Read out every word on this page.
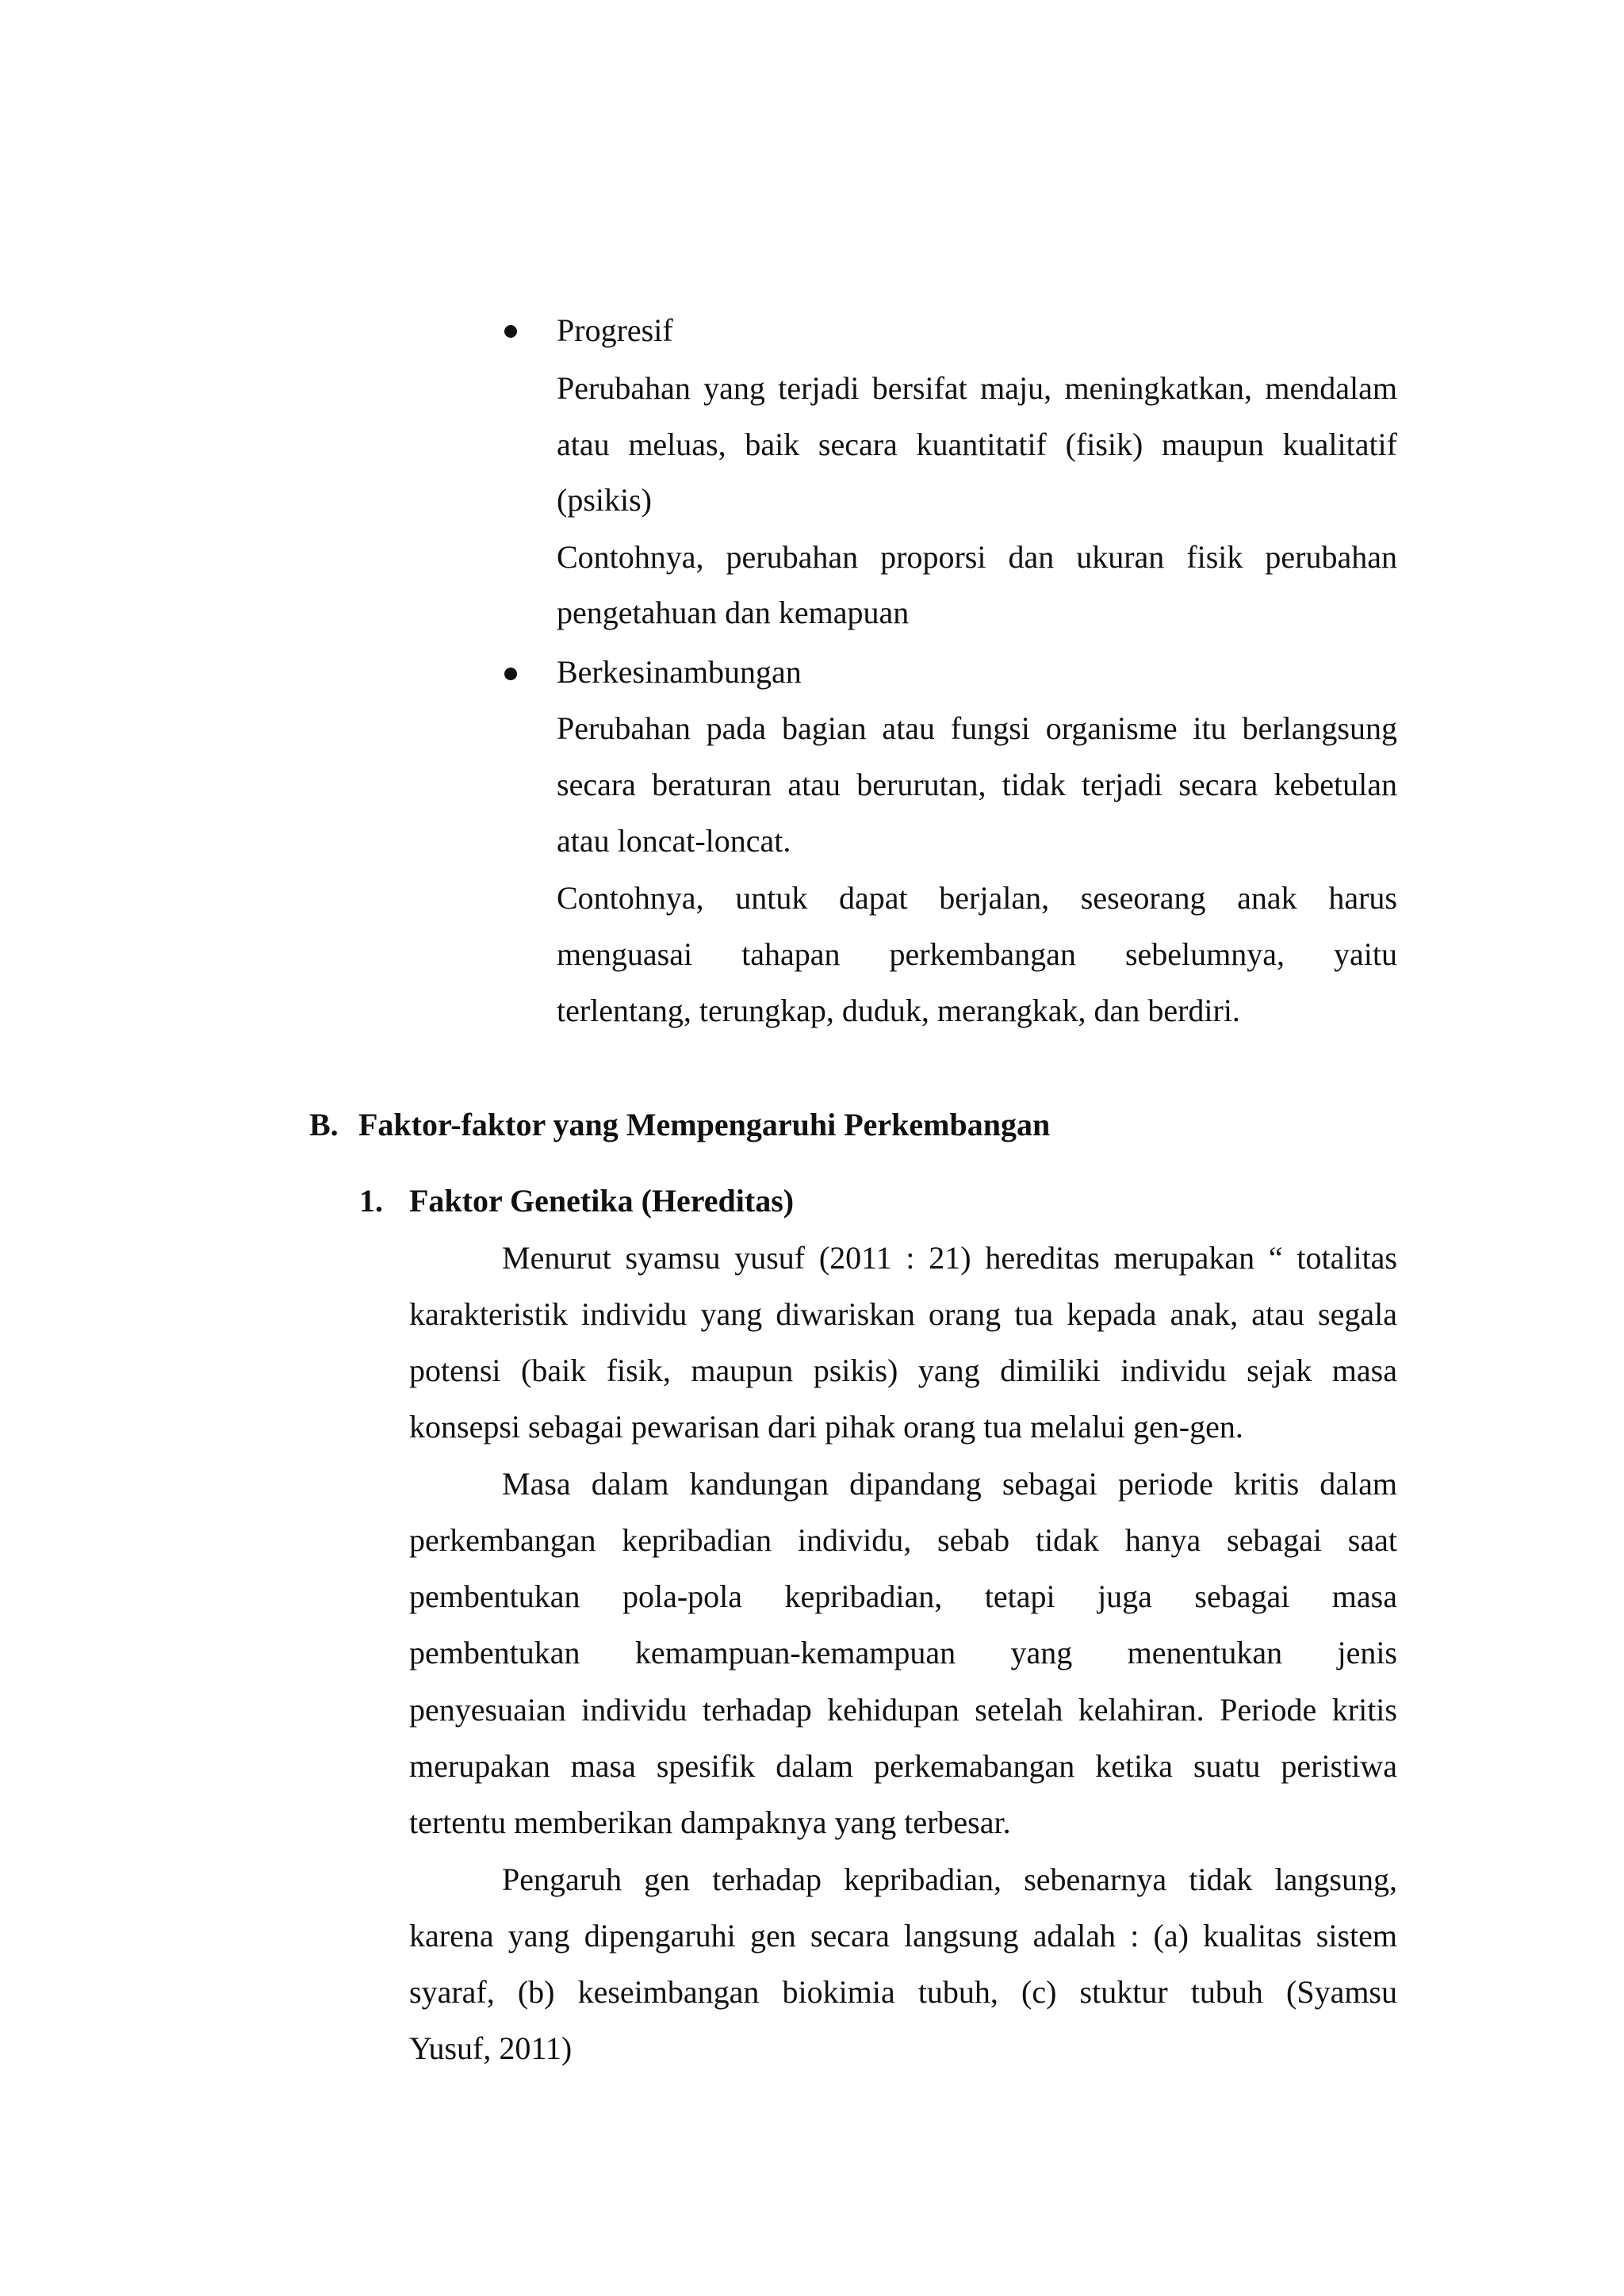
Progresif
Perubahan yang terjadi bersifat maju, meningkatkan, mendalam
atau meluas, baik secara kuantitatif (fisik) maupun kualitatif
(psikis)
Contohnya, perubahan proporsi dan ukuran fisik perubahan
pengetahuan dan kemapuan
Berkesinambungan
Perubahan pada bagian atau fungsi organisme itu berlangsung
secara beraturan atau berurutan, tidak terjadi secara kebetulan
atau loncat-loncat.
Contohnya, untuk dapat berjalan, seseorang anak harus
menguasai tahapan perkembangan sebelumnya, yaitu
terlentang, terungkap, duduk, merangkak, dan berdiri.
B. Faktor-faktor yang Mempengaruhi Perkembangan
1. Faktor Genetika (Hereditas)
Menurut syamsu yusuf (2011 : 21) hereditas merupakan “ totalitas
karakteristik individu yang diwariskan orang tua kepada anak, atau segala
potensi (baik fisik, maupun psikis) yang dimiliki individu sejak masa
konsepsi sebagai pewarisan dari pihak orang tua melalui gen-gen.
Masa dalam kandungan dipandang sebagai periode kritis dalam
perkembangan kepribadian individu, sebab tidak hanya sebagai saat
pembentukan pola-pola kepribadian, tetapi juga sebagai masa
pembentukan kemampuan-kemampuan yang menentukan jenis
penyesuaian individu terhadap kehidupan setelah kelahiran. Periode kritis
merupakan masa spesifik dalam perkemabangan ketika suatu peristiwa
tertentu memberikan dampaknya yang terbesar.
Pengaruh gen terhadap kepribadian, sebenarnya tidak langsung,
karena yang dipengaruhi gen secara langsung adalah : (a) kualitas sistem
syaraf, (b) keseimbangan biokimia tubuh, (c) stuktur tubuh (Syamsu
Yusuf, 2011)
